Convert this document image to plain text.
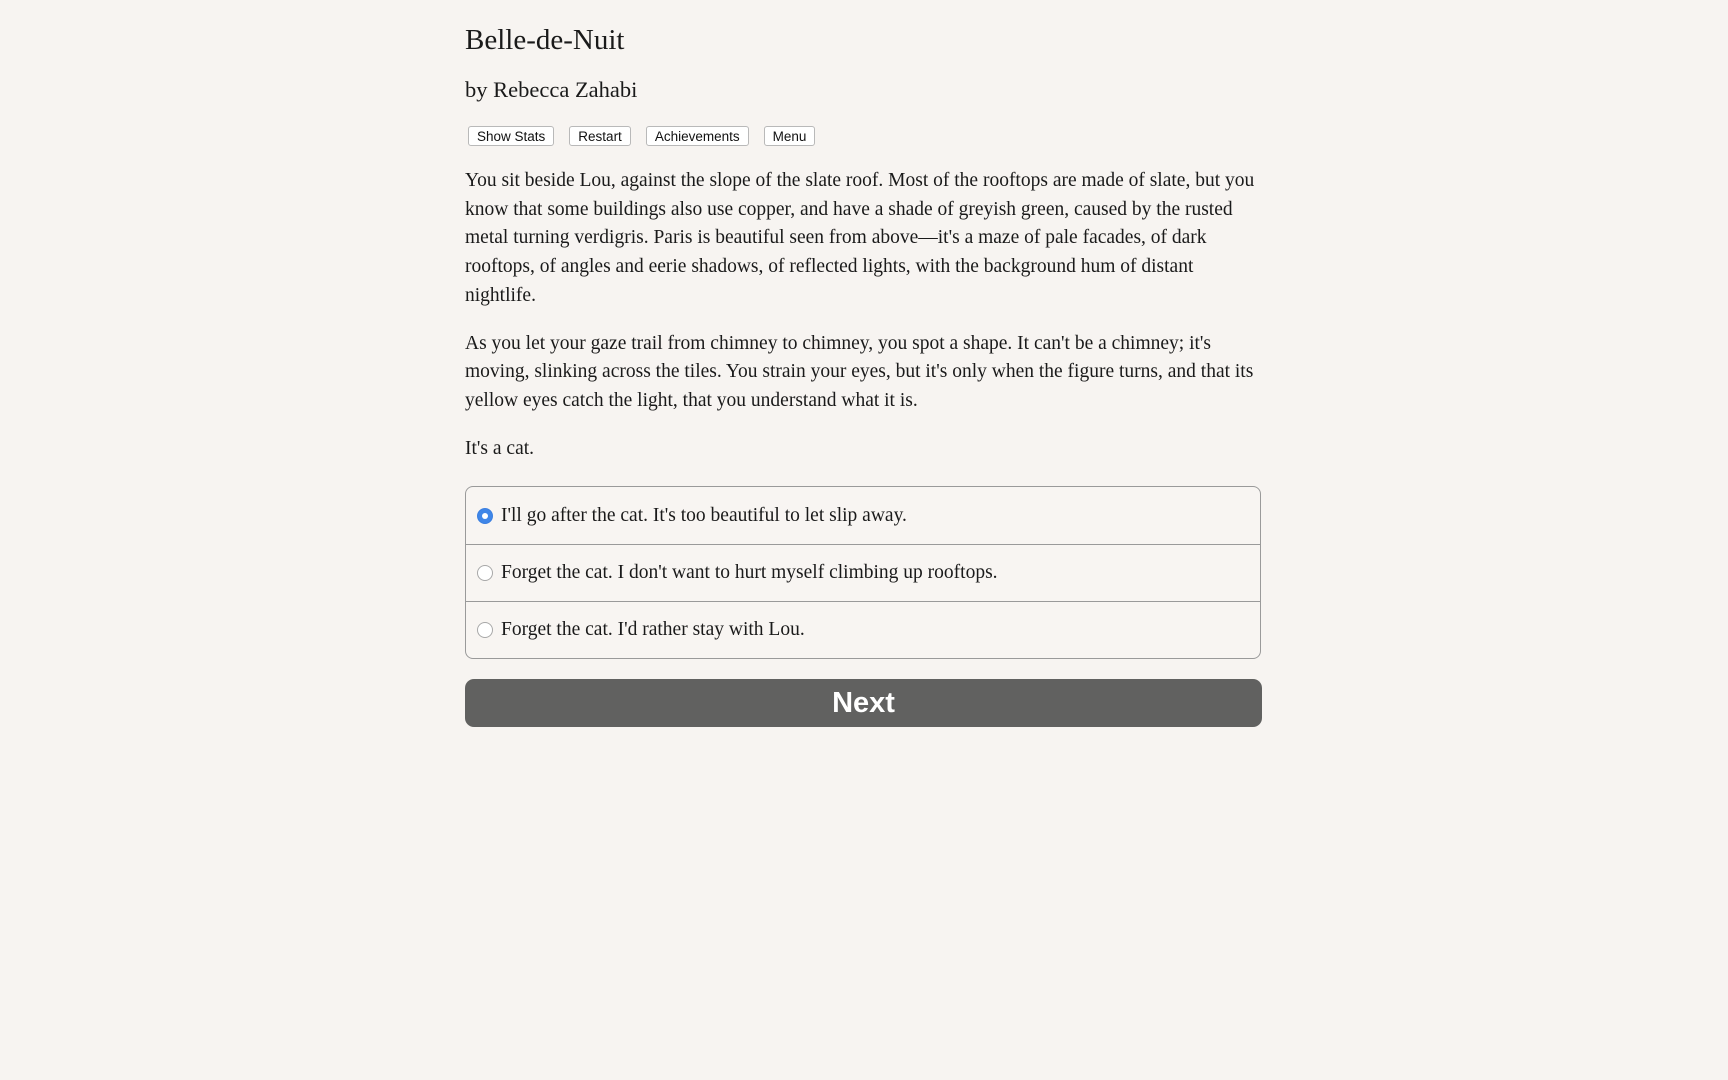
Belle-de-Nuit
by Rebecca Zahabi
Show Stats	Restart	Achievements	Menu

You sit beside Lou, against the slope of the slate roof. Most of the rooftops are made of slate, but you know that some buildings also use copper, and have a shade of greyish green, caused by the rusted metal turning verdigris. Paris is beautiful seen from above—it's a maze of pale facades, of dark rooftops, of angles and eerie shadows, of reflected lights, with the background hum of distant nightlife.

As you let your gaze trail from chimney to chimney, you spot a shape. It can't be a chimney; it's moving, slinking across the tiles. You strain your eyes, but it's only when the figure turns, and that its yellow eyes catch the light, that you understand what it is.

It's a cat.

I'll go after the cat. It's too beautiful to let slip away.
Forget the cat. I don't want to hurt myself climbing up rooftops.
Forget the cat. I'd rather stay with Lou.
Next
